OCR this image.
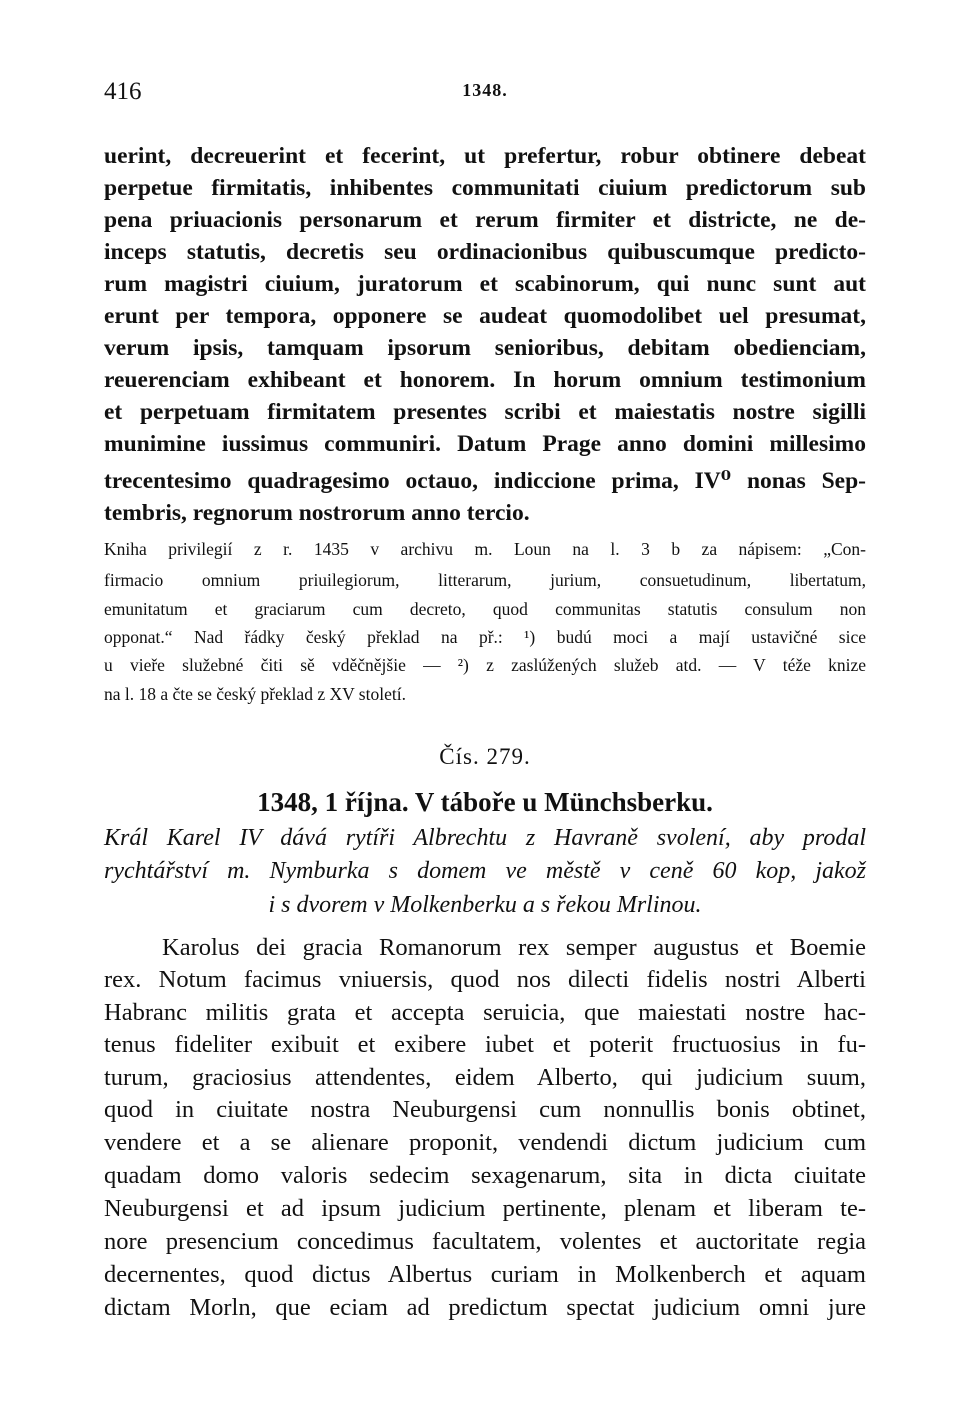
416	1348.
uerint, decreuerint et fecerint, ut prefertur, robur obtinere debeat
perpetue firmitatis, inhibentes communitati ciuium predictorum sub
pena priuacionis personarum et rerum firmiter et districte, ne de-
inceps statutis, decretis seu ordinacionibus quibuscumque predicto-
rum magistri ciuium, juratorum et scabinorum, qui nunc sunt aut
erunt per tempora, opponere se audeat quomodolibet uel presumat,
verum ipsis, tamquam ipsorum senioribus, debitam obedienciam,
reuerenciam exhibeant et honorem. In horum omnium testimonium
et perpetuam firmitatem presentes scribi et maiestatis nostre sigilli
munimine iussimus communiri. Datum Prage anno domini millesimo
trecentesimo quadragesimo octauo, indiccione prima, IV⁰ nonas Sep-
tembris, regnorum nostrorum anno tercio.
Kniha privilegií z r. 1435 v archivu m. Loun na l. 3 b za nápisem: „Con-
firmacio omnium priuilegiorum, litterarum, jurium, consuetudinum, libertatum,
emunitatum et graciarum cum decreto, quod communitas statutis consulum non
opponat.“ Nad řádky český překlad na př.: ¹) budú moci a mají ustavičné sice
u vieře služebné čiti sě vděčnějšie — ²) z zaslúžených služeb atd. — V téže knize
na l. 18 a čte se český překlad z XV století.
Čís. 279.
1348, 1 října. V táboře u Münchsberku.
Král Karel IV dává rytíři Albrechtu z Havraně svolení, aby prodal
rychtářství m. Nymburka s domem ve městě v ceně 60 kop, jakož
i s dvorem v Molkenberku a s řekou Mrlinou.
Karolus dei gracia Romanorum rex semper augustus et Boemie
rex. Notum facimus vniuersis, quod nos dilecti fidelis nostri Alberti
Habranc militis grata et accepta seruicia, que maiestati nostre hac-
tenus fideliter exibuit et exibere iubet et poterit fructuosius in fu-
turum, graciosius attendentes, eidem Alberto, qui judicium suum,
quod in ciuitate nostra Neuburgensi cum nonnullis bonis obtinet,
vendere et a se alienare proponit, vendendi dictum judicium cum
quadam domo valoris sedecim sexagenarum, sita in dicta ciuitate
Neuburgensi et ad ipsum judicium pertinente, plenam et liberam te-
nore presencium concedimus facultatem, volentes et auctoritate regia
decernentes, quod dictus Albertus curiam in Molkenberch et aquam
dictam Morln, que eciam ad predictum spectat judicium omni jure
